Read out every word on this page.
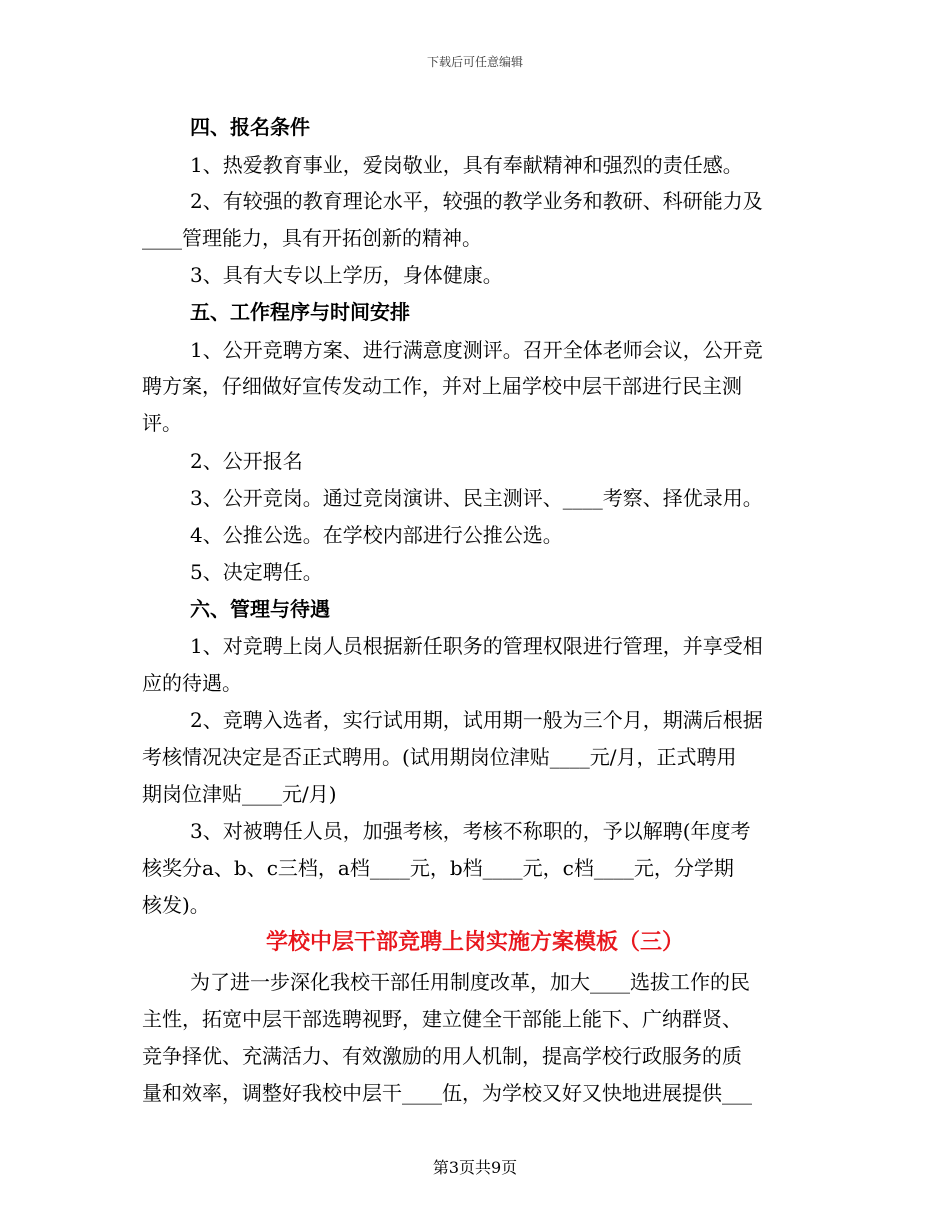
下载后可任意编辑
四、报名条件
1、热爱教育事业，爱岗敬业，具有奉献精神和强烈的责任感。
2、有较强的教育理论水平，较强的教学业务和教研、科研能力及
____管理能力，具有开拓创新的精神。
3、具有大专以上学历，身体健康。
五、工作程序与时间安排
1、公开竞聘方案、进行满意度测评。召开全体老师会议，公开竞
聘方案，仔细做好宣传发动工作，并对上届学校中层干部进行民主测
评。
2、公开报名
3、公开竞岗。通过竞岗演讲、民主测评、____考察、择优录用。
4、公推公选。在学校内部进行公推公选。
5、决定聘任。
六、管理与待遇
1、对竞聘上岗人员根据新任职务的管理权限进行管理，并享受相
应的待遇。
2、竞聘入选者，实行试用期，试用期一般为三个月，期满后根据
考核情况决定是否正式聘用。(试用期岗位津贴____元/月，正式聘用
期岗位津贴____元/月)
3、对被聘任人员，加强考核，考核不称职的，予以解聘(年度考
核奖分a、b、c三档，a档____元，b档____元，c档____元，分学期
核发)。
学校中层干部竞聘上岗实施方案模板（三）
为了进一步深化我校干部任用制度改革，加大____选拔工作的民
主性，拓宽中层干部选聘视野，建立健全干部能上能下、广纳群贤、
竞争择优、充满活力、有效激励的用人机制，提高学校行政服务的质
量和效率，调整好我校中层干____伍，为学校又好又快地进展提供___
第3页共9页
